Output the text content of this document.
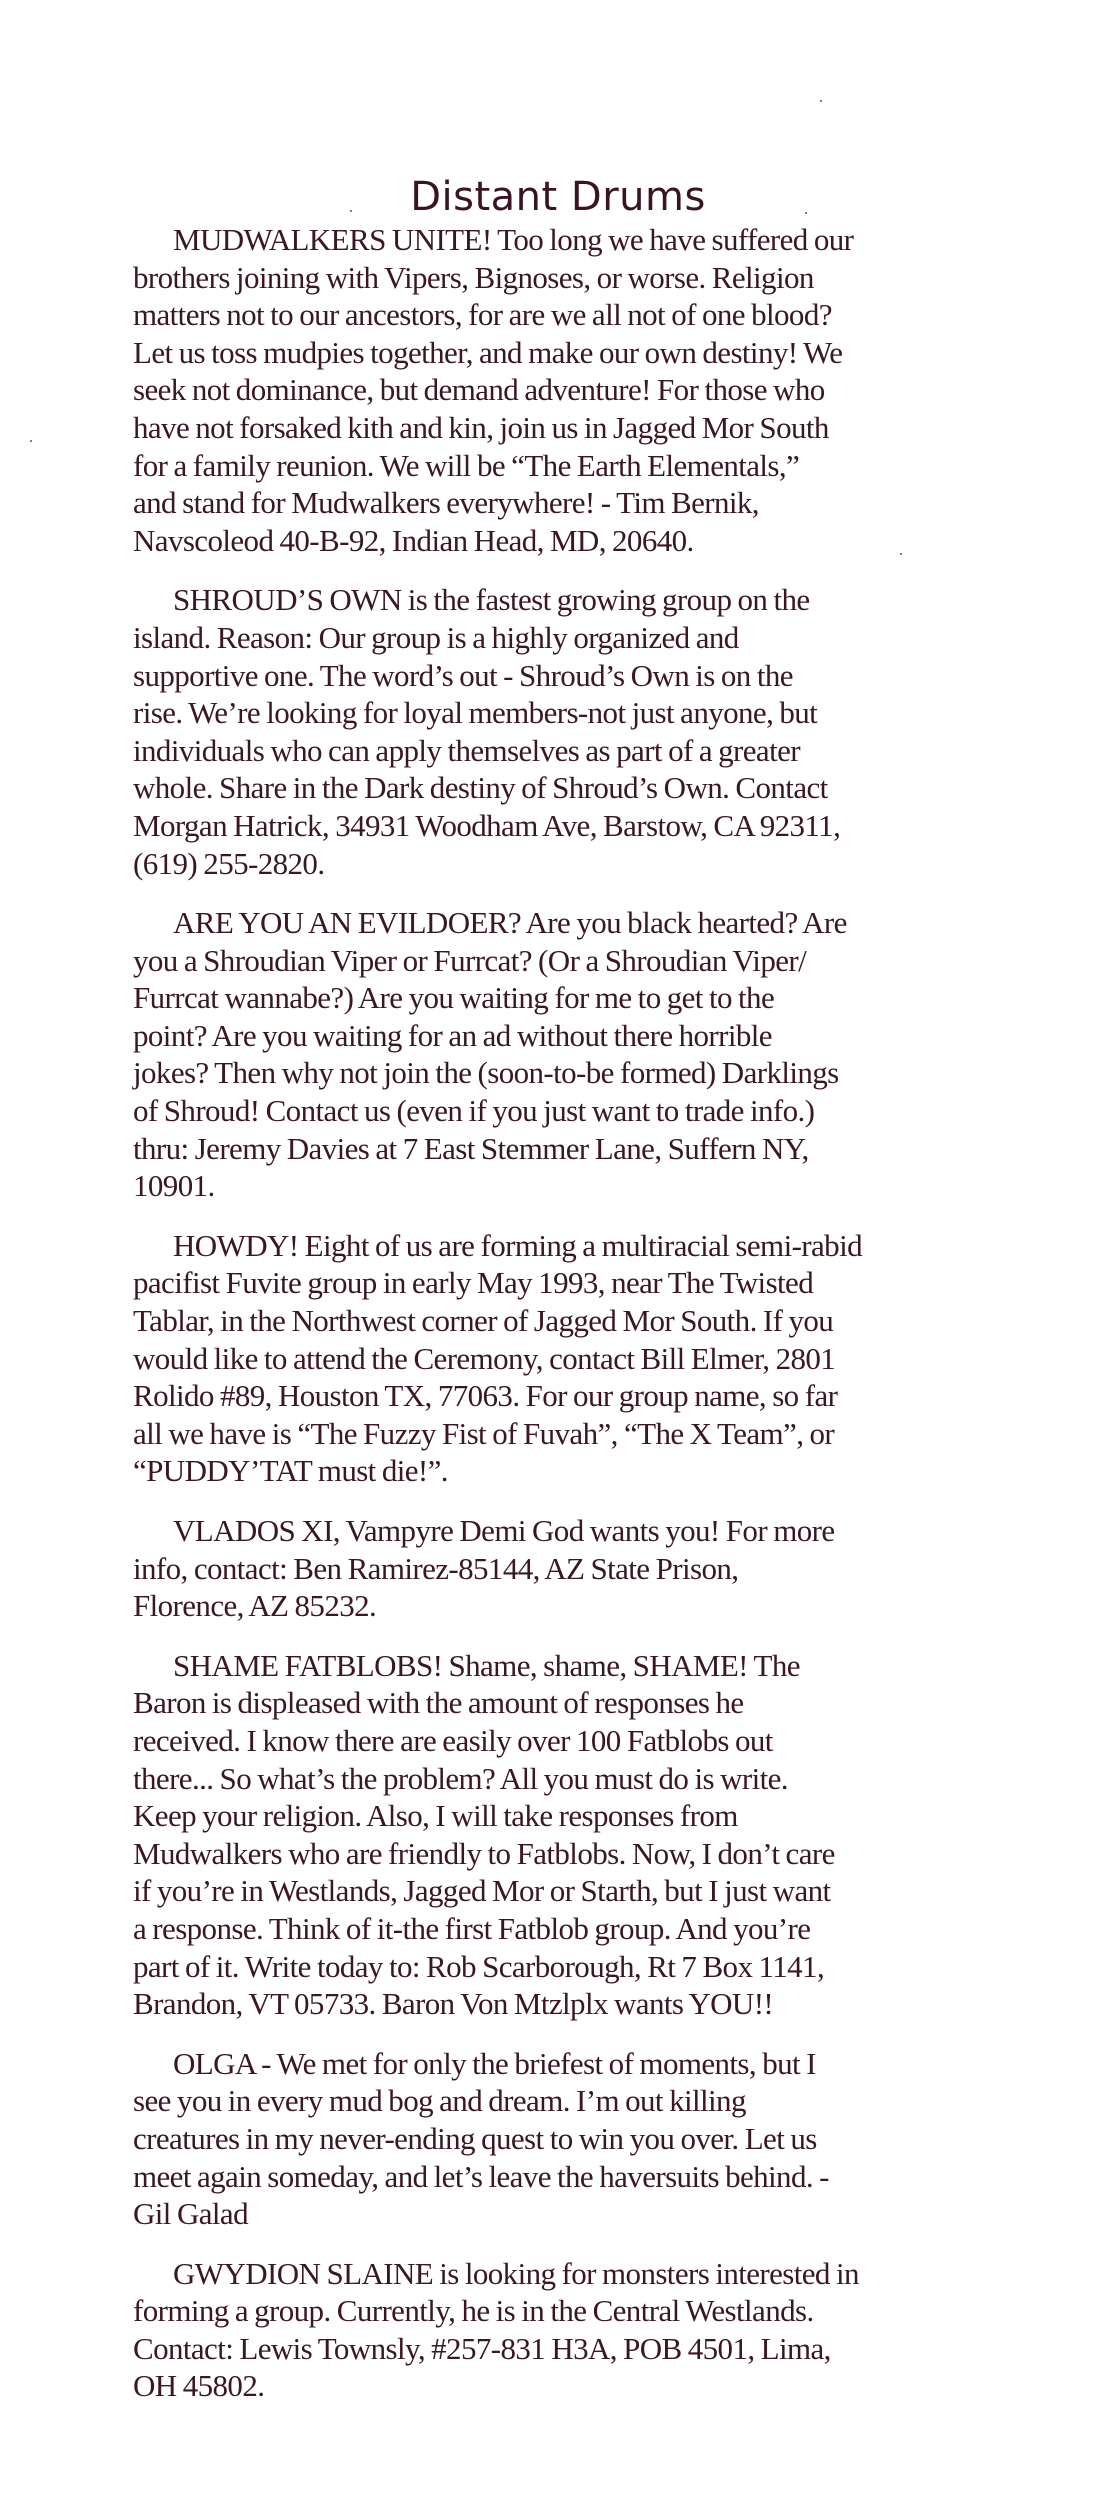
Distant Drums
MUDWALKERS UNITE! Too long we have suffered our
brothers joining with Vipers, Bignoses, or worse. Religion
matters not to our ancestors, for are we all not of one blood?
Let us toss mudpies together, and make our own destiny! We
seek not dominance, but demand adventure! For those who
have not forsaked kith and kin, join us in Jagged Mor South
for a family reunion. We will be “The Earth Elementals,”
and stand for Mudwalkers everywhere! - Tim Bernik,
Navscoleod 40-B-92, Indian Head, MD, 20640.
SHROUD’S OWN is the fastest growing group on the
island. Reason: Our group is a highly organized and
supportive one. The word’s out - Shroud’s Own is on the
rise. We’re looking for loyal members-not just anyone, but
individuals who can apply themselves as part of a greater
whole. Share in the Dark destiny of Shroud’s Own. Contact
Morgan Hatrick, 34931 Woodham Ave, Barstow, CA 92311,
(619) 255-2820.
ARE YOU AN EVILDOER? Are you black hearted? Are
you a Shroudian Viper or Furrcat? (Or a Shroudian Viper/
Furrcat wannabe?) Are you waiting for me to get to the
point? Are you waiting for an ad without there horrible
jokes? Then why not join the (soon-to-be formed) Darklings
of Shroud! Contact us (even if you just want to trade info.)
thru: Jeremy Davies at 7 East Stemmer Lane, Suffern NY,
10901.
HOWDY! Eight of us are forming a multiracial semi-rabid
pacifist Fuvite group in early May 1993, near The Twisted
Tablar, in the Northwest corner of Jagged Mor South. If you
would like to attend the Ceremony, contact Bill Elmer, 2801
Rolido #89, Houston TX, 77063. For our group name, so far
all we have is “The Fuzzy Fist of Fuvah”, “The X Team”, or
“PUDDY’TAT must die!”.
VLADOS XI, Vampyre Demi God wants you! For more
info, contact: Ben Ramirez-85144, AZ State Prison,
Florence, AZ 85232.
SHAME FATBLOBS! Shame, shame, SHAME! The
Baron is displeased with the amount of responses he
received. I know there are easily over 100 Fatblobs out
there... So what’s the problem? All you must do is write.
Keep your religion. Also, I will take responses from
Mudwalkers who are friendly to Fatblobs. Now, I don’t care
if you’re in Westlands, Jagged Mor or Starth, but I just want
a response. Think of it-the first Fatblob group. And you’re
part of it. Write today to: Rob Scarborough, Rt 7 Box 1141,
Brandon, VT 05733. Baron Von Mtzlplx wants YOU!!
OLGA - We met for only the briefest of moments, but I
see you in every mud bog and dream. I’m out killing
creatures in my never-ending quest to win you over. Let us
meet again someday, and let’s leave the haversuits behind. -
Gil Galad
GWYDION SLAINE is looking for monsters interested in
forming a group. Currently, he is in the Central Westlands.
Contact: Lewis Townsly, #257-831 H3A, POB 4501, Lima,
OH 45802.
